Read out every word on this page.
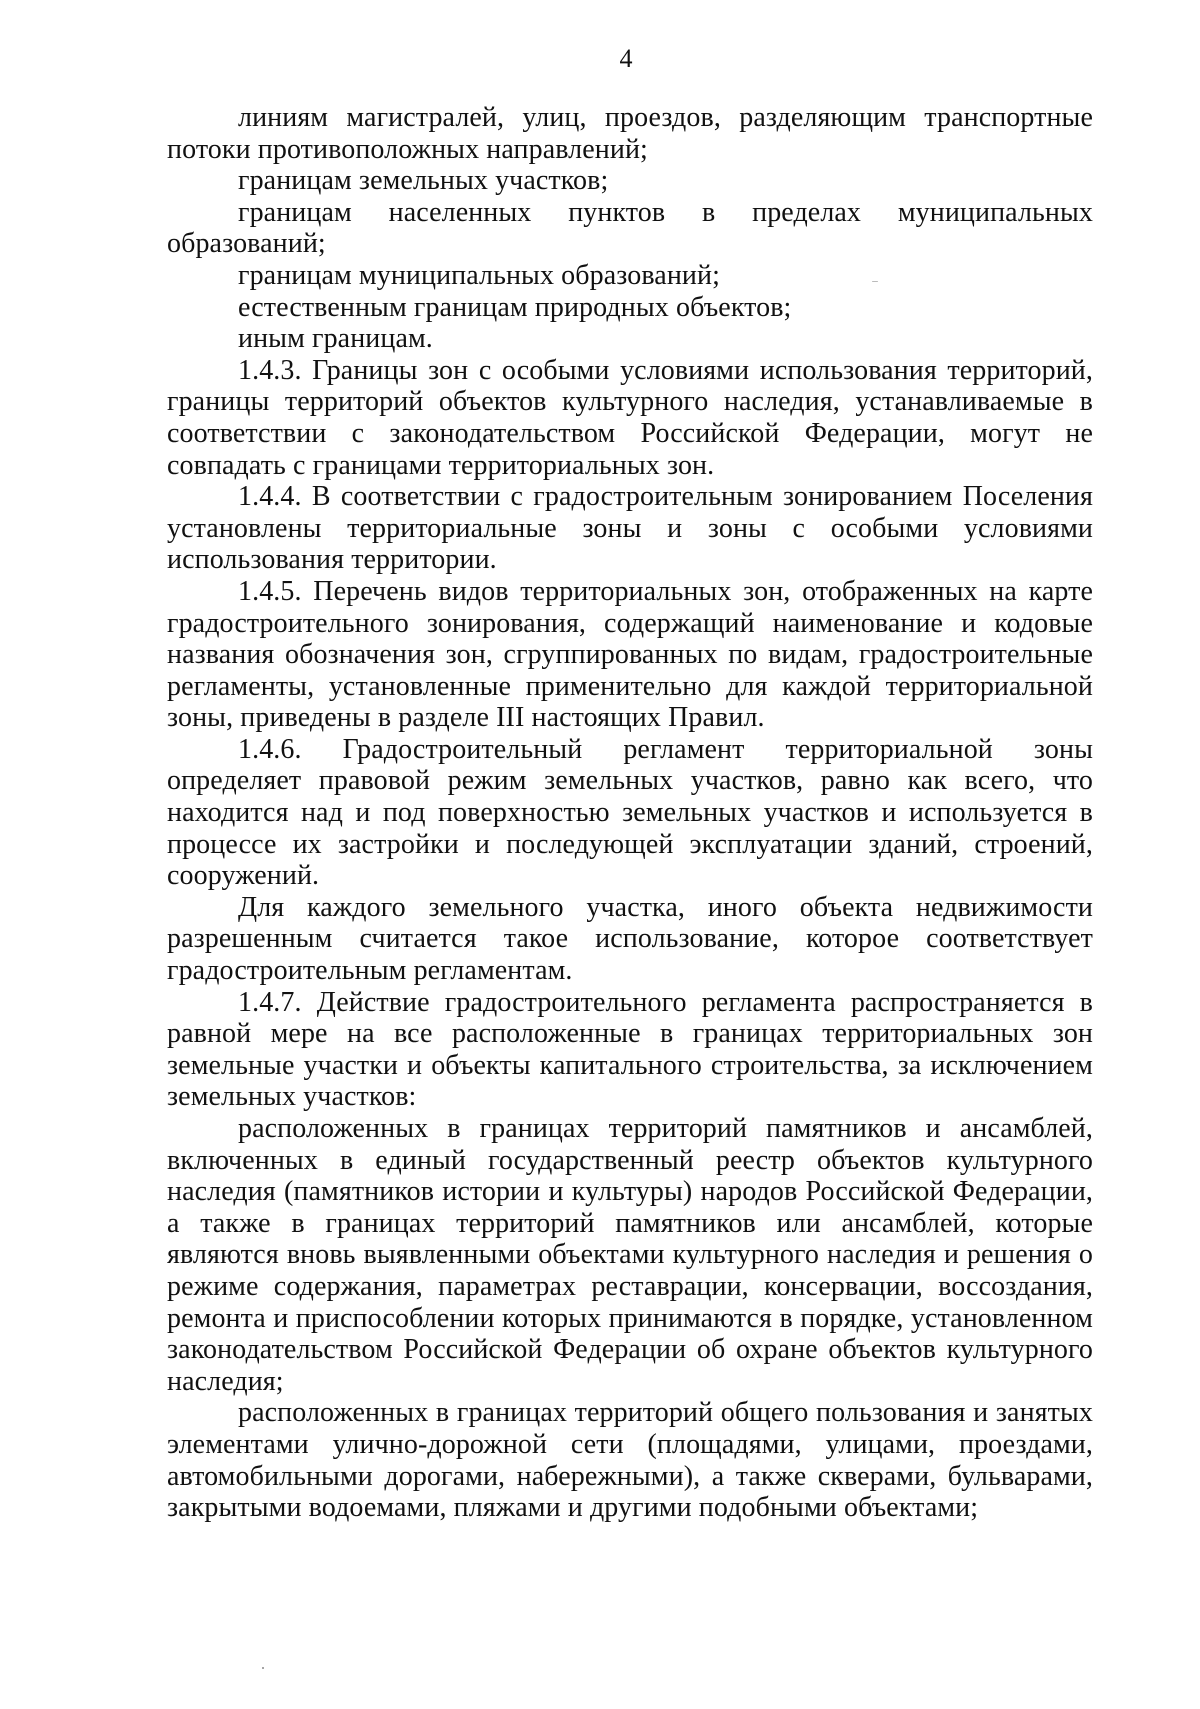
4

линиям магистралей, улиц, проездов, разделяющим транспортные потоки противоположных направлений;

границам земельных участков;

границам населенных пунктов в пределах муниципальных образований;

границам муниципальных образований;

естественным границам природных объектов;

иным границам.

1.4.3. Границы зон с особыми условиями использования территорий, границы территорий объектов культурного наследия, устанавливаемые в соответствии с законодательством Российской Федерации, могут не совпадать с границами территориальных зон.

1.4.4. В соответствии с градостроительным зонированием Поселения установлены территориальные зоны и зоны с особыми условиями использования территории.

1.4.5. Перечень видов территориальных зон, отображенных на карте градостроительного зонирования, содержащий наименование и кодовые названия обозначения зон, сгруппированных по видам, градостроительные регламенты, установленные применительно для каждой территориальной зоны, приведены в разделе III настоящих Правил.

1.4.6. Градостроительный регламент территориальной зоны определяет правовой режим земельных участков, равно как всего, что находится над и под поверхностью земельных участков и используется в процессе их застройки и последующей эксплуатации зданий, строений, сооружений.

Для каждого земельного участка, иного объекта недвижимости разрешенным считается такое использование, которое соответствует градостроительным регламентам.

1.4.7. Действие градостроительного регламента распространяется в равной мере на все расположенные в границах территориальных зон земельные участки и объекты капитального строительства, за исключением земельных участков:

расположенных в границах территорий памятников и ансамблей, включенных в единый государственный реестр объектов культурного наследия (памятников истории и культуры) народов Российской Федерации, а также в границах территорий памятников или ансамблей, которые являются вновь выявленными объектами культурного наследия и решения о режиме содержания, параметрах реставрации, консервации, воссоздания, ремонта и приспособлении которых принимаются в порядке, установленном законодательством Российской Федерации об охране объектов культурного наследия;

расположенных в границах территорий общего пользования и занятых элементами улично-дорожной сети (площадями, улицами, проездами, автомобильными дорогами, набережными), а также скверами, бульварами, закрытыми водоемами, пляжами и другими подобными объектами;
